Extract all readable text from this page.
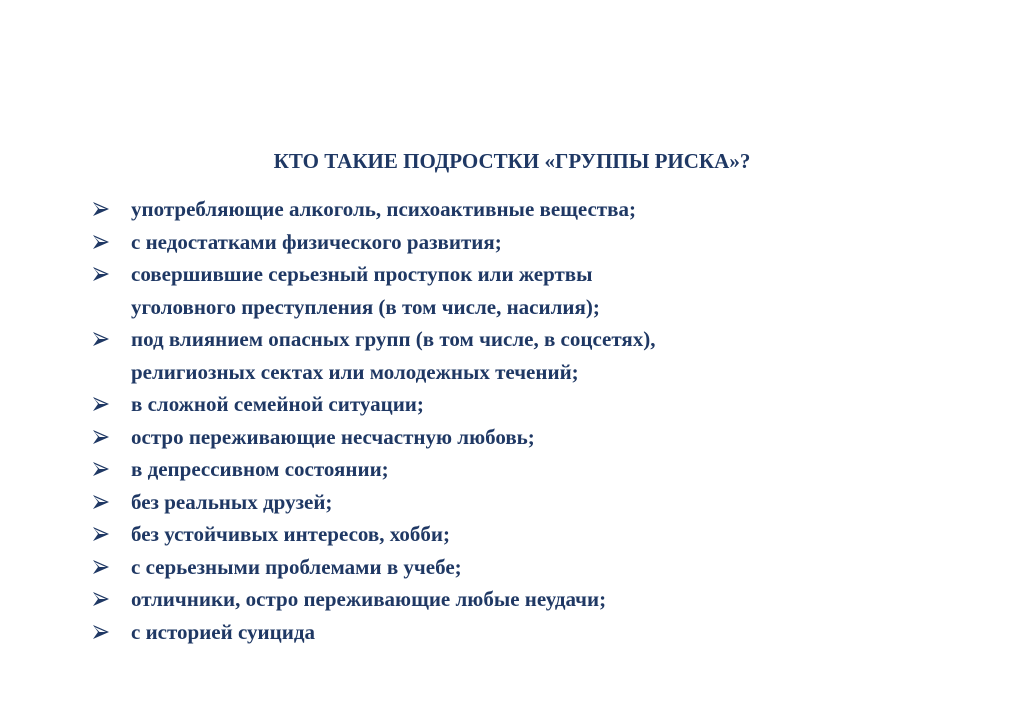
КТО ТАКИЕ ПОДРОСТКИ «ГРУППЫ РИСКА»?
употребляющие алкоголь, психоактивные вещества;
с недостатками физического развития;
совершившие серьезный проступок или жертвы
уголовного преступления (в том числе, насилия);
под влиянием опасных групп (в том числе, в соцсетях),
религиозных сектах или молодежных течений;
в сложной семейной ситуации;
остро переживающие несчастную любовь;
в депрессивном состоянии;
без реальных друзей;
без устойчивых интересов, хобби;
с серьезными проблемами в учебе;
отличники, остро переживающие любые неудачи;
с историей суицида
